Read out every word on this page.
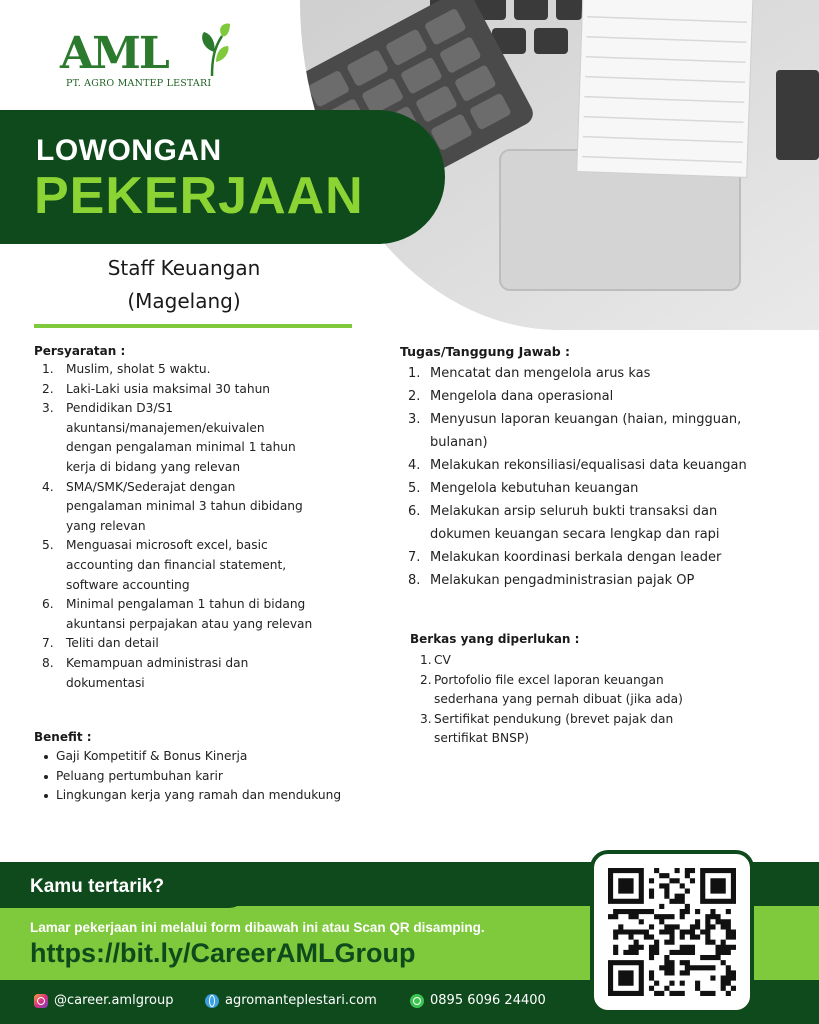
AML
PT. AGRO MANTEP LESTARI
LOWONGAN
PEKERJAAN
Staff Keuangan
(Magelang)
Persyaratan :
1. Muslim, sholat 5 waktu.
2. Laki-Laki usia maksimal 30 tahun
3. Pendidikan D3/S1
akuntansi/manajemen/ekuivalen
dengan pengalaman minimal 1 tahun
kerja di bidang yang relevan
4. SMA/SMK/Sederajat dengan
pengalaman minimal 3 tahun dibidang
yang relevan
5. Menguasai microsoft excel, basic
accounting dan financial statement,
software accounting
6. Minimal pengalaman 1 tahun di bidang
akuntansi perpajakan atau yang relevan
7. Teliti dan detail
8. Kemampuan administrasi dan
dokumentasi
Benefit :
Gaji Kompetitif & Bonus Kinerja
Peluang pertumbuhan karir
Lingkungan kerja yang ramah dan mendukung
Tugas/Tanggung Jawab :
1. Mencatat dan mengelola arus kas
2. Mengelola dana operasional
3. Menyusun laporan keuangan (haian, mingguan,
bulanan)
4. Melakukan rekonsiliasi/equalisasi data keuangan
5. Mengelola kebutuhan keuangan
6. Melakukan arsip seluruh bukti transaksi dan
dokumen keuangan secara lengkap dan rapi
7. Melakukan koordinasi berkala dengan leader
8. Melakukan pengadministrasian pajak OP
Berkas yang diperlukan :
1. CV
2. Portofolio file excel laporan keuangan
sederhana yang pernah dibuat (jika ada)
3. Sertifikat pendukung (brevet pajak dan
sertifikat BNSP)
Kamu tertarik?
Lamar pekerjaan ini melalui form dibawah ini atau Scan QR disamping.
https://bit.ly/CareerAMLGroup
@career.amlgroup	agromanteplestari.com	0895 6096 24400
